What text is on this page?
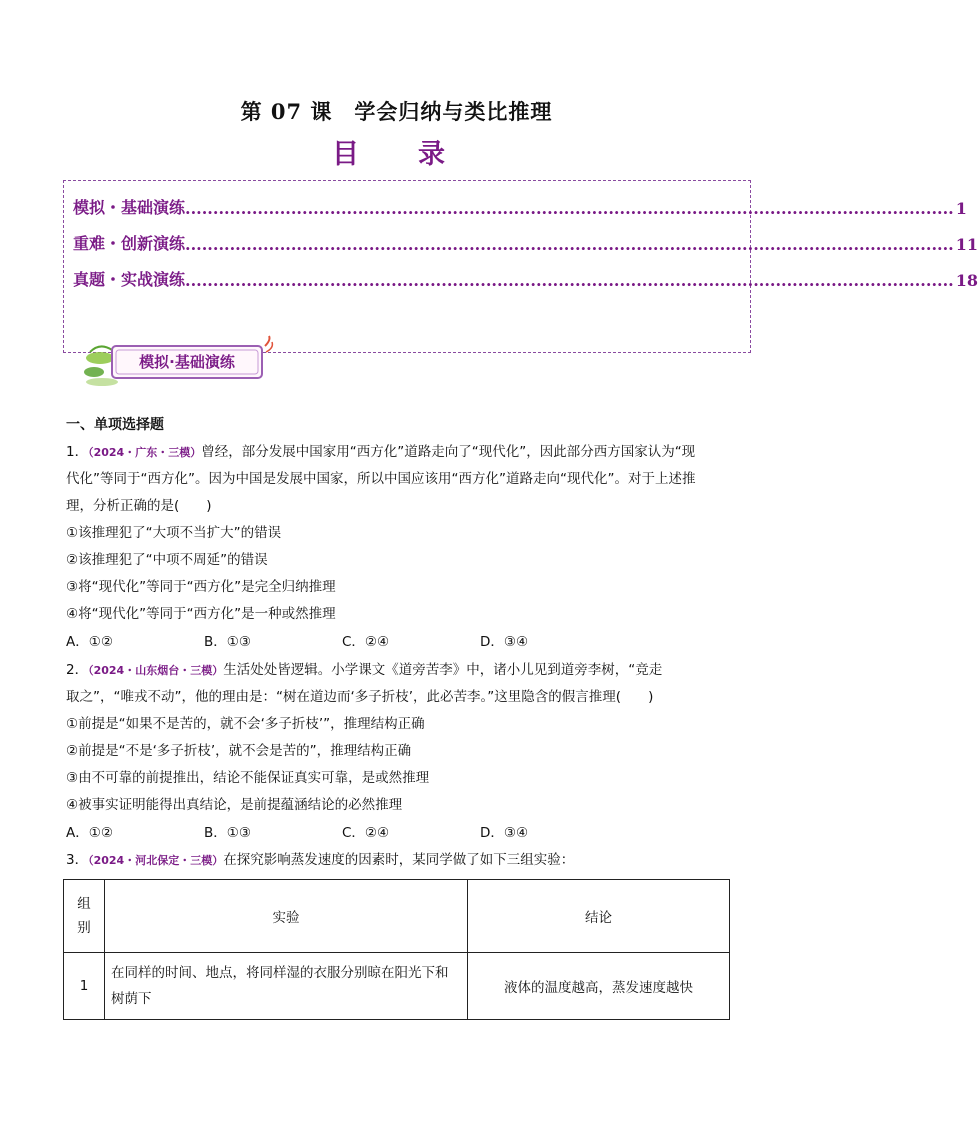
第 07 课　学会归纳与类比推理
目　录
模拟・基础演练 .......................................................................................................................................... 1
重难・创新演练 .......................................................................................................................................... 11
真题・实战演练 .......................................................................................................................................... 18
模拟·基础演练
一、单项选择题
1．（2024・广东・三模）曾经，部分发展中国家用“西方化”道路走向了“现代化”，因此部分西方国家认为“现
代化”等同于“西方化”。因为中国是发展中国家，所以中国应该用“西方化”道路走向“现代化”。对于上述推
理，分析正确的是(　　)
①该推理犯了“大项不当扩大”的错误
②该推理犯了“中项不周延”的错误
③将“现代化”等同于“西方化”是完全归纳推理
④将“现代化”等同于“西方化”是一种或然推理
A．①②	B．①③	C．②④	D．③④
2．（2024・山东烟台・三模）生活处处皆逻辑。小学课文《道旁苦李》中，诸小儿见到道旁李树，“竞走
取之”，“唯戎不动”，他的理由是：“树在道边而‘多子折枝’，此必苦李。”这里隐含的假言推理(　　)
①前提是“如果不是苦的，就不会‘多子折枝’”，推理结构正确
②前提是“不是‘多子折枝’，就不会是苦的”，推理结构正确
③由不可靠的前提推出，结论不能保证真实可靠，是或然推理
④被事实证明能得出真结论，是前提蕴涵结论的必然推理
A．①②	B．①③	C．②④	D．③④
3．（2024・河北保定・三模）在探究影响蒸发速度的因素时，某同学做了如下三组实验：
组
别	实验	结论
1	在同样的时间、地点，将同样湿的衣服分别晾在阳光下和树荫下	液体的温度越高，蒸发速度越快
